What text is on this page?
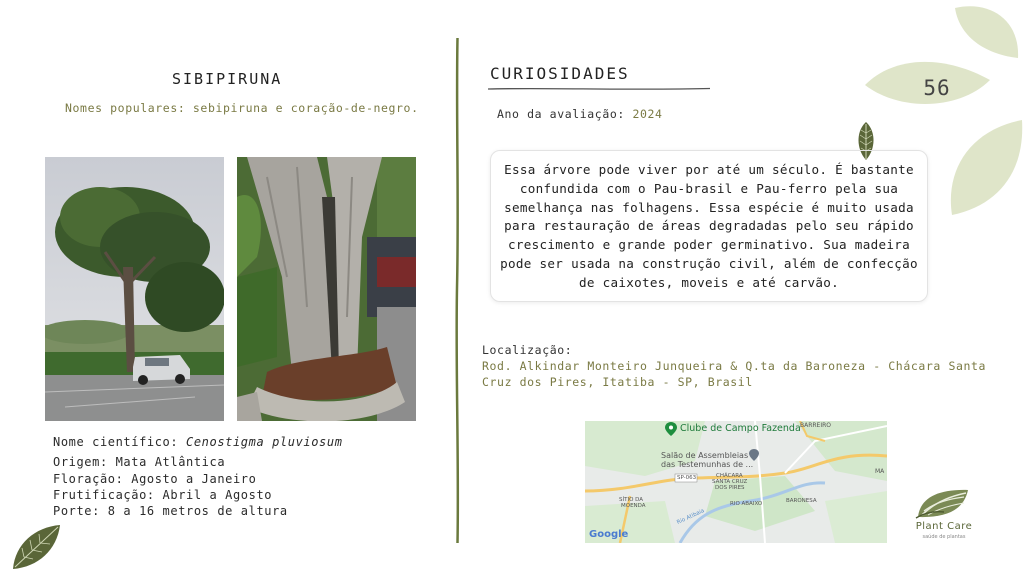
56
SIBIPIRUNA
Nomes populares: sebipiruna e coração-de-negro.
Nome científico: Cenostigma pluviosum
Origem: Mata Atlântica
Floração: Agosto a Janeiro
Frutificação: Abril a Agosto
Porte: 8 a 16 metros de altura
CURIOSIDADES
Ano da avaliação: 2024
Essa árvore pode viver por até um século. É bastante confundida com o Pau-brasil e Pau-ferro pela sua semelhança nas folhagens. Essa espécie é muito usada para restauração de áreas degradadas pelo seu rápido crescimento e grande poder germinativo. Sua madeira pode ser usada na construção civil, além de confecção de caixotes, moveis e até carvão.
Localização:
Rod. Alkindar Monteiro Junqueira & Q.ta da Baroneza - Chácara Santa
Cruz dos Pires, Itatiba - SP, Brasil
Clube de Campo Fazenda BARREIRO
Salão de Assembleias
das Testemunhas de ...
SP-063	CHÁCARA
SANTA CRUZ
DOS PIRES
SÍTIO DA
MOENDA	RIO ABAIXO	BARONESA
Rio Atibaia
MA
Google
Plant Care
saúde de plantas
